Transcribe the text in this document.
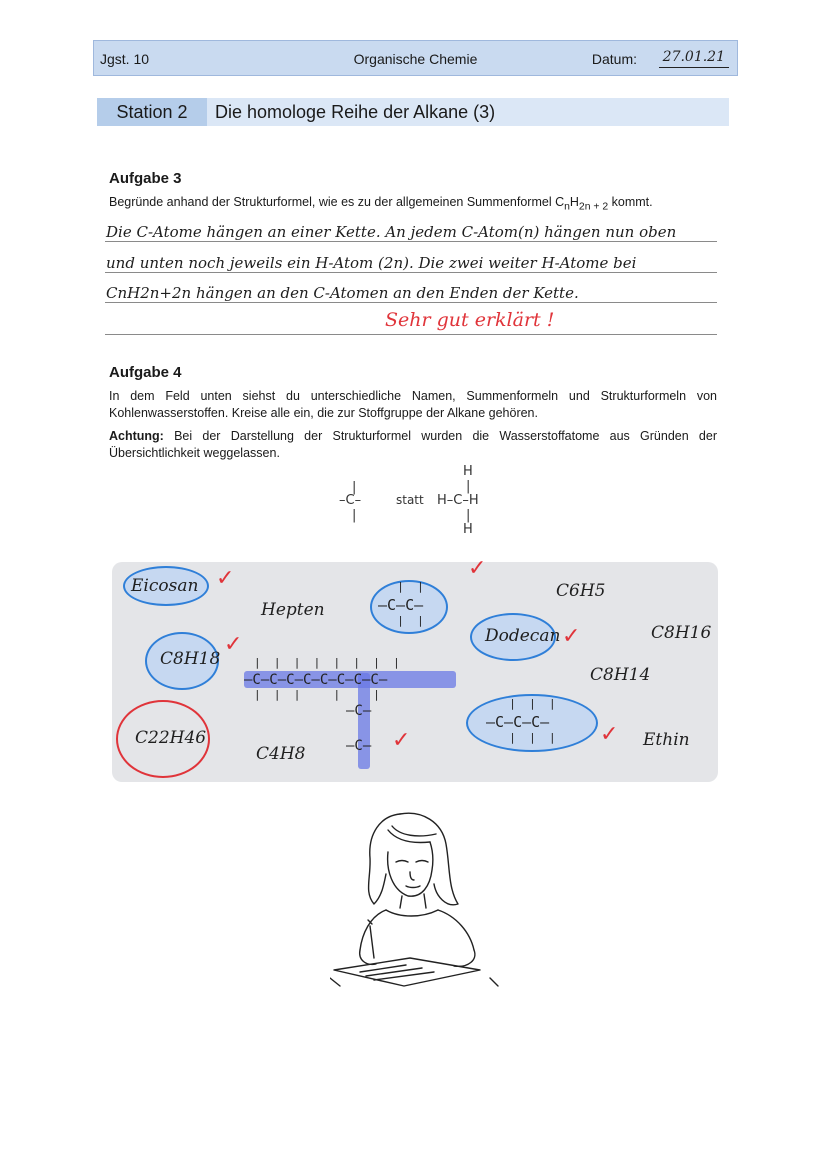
Jgst. 10	Organische Chemie	Datum: 27.01.21
Station 2	Die homologe Reihe der Alkane (3)
Aufgabe 3
Begründe anhand der Strukturformel, wie es zu der allgemeinen Summenformel $C_nH_{2n + 2}$ kommt.
Die C-Atome hängen an einer Kette. An jedem C-Atom(n) hängen nun oben
und unten noch jeweils ein H-Atom (2n). Die zwei weiter H-Atome bei
CnH2n+2n hängen an den C-Atomen an den Enden der Kette.
Sehr gut erklärt !
Aufgabe 4
In dem Feld unten siehst du unterschiedliche Namen, Summenformeln und Strukturformeln von Kohlenwasserstoffen. Kreise alle ein, die zur Stoffgruppe der Alkane gehören.
Achtung: Bei der Darstellung der Strukturformel wurden die Wasserstoffatome aus Gründen der Übersichtlichkeit weggelassen.
|
–C–
|
statt
H
|
H–C–H
|
H
Eicosan
Hepten
|  |
–C–C–
|  |
C6H5
Dodecan	C8H16
C8H18
C8H14
|  |  |  |  |  |  |  |
–C–C–C–C–C–C–C–C–
|  |  |     |     |
–C–
–C–
|  |  |
–C–C–C–
|  |  |
C22H46
C4H8
Ethin
✓	✓
✓
✓
✓	✓
